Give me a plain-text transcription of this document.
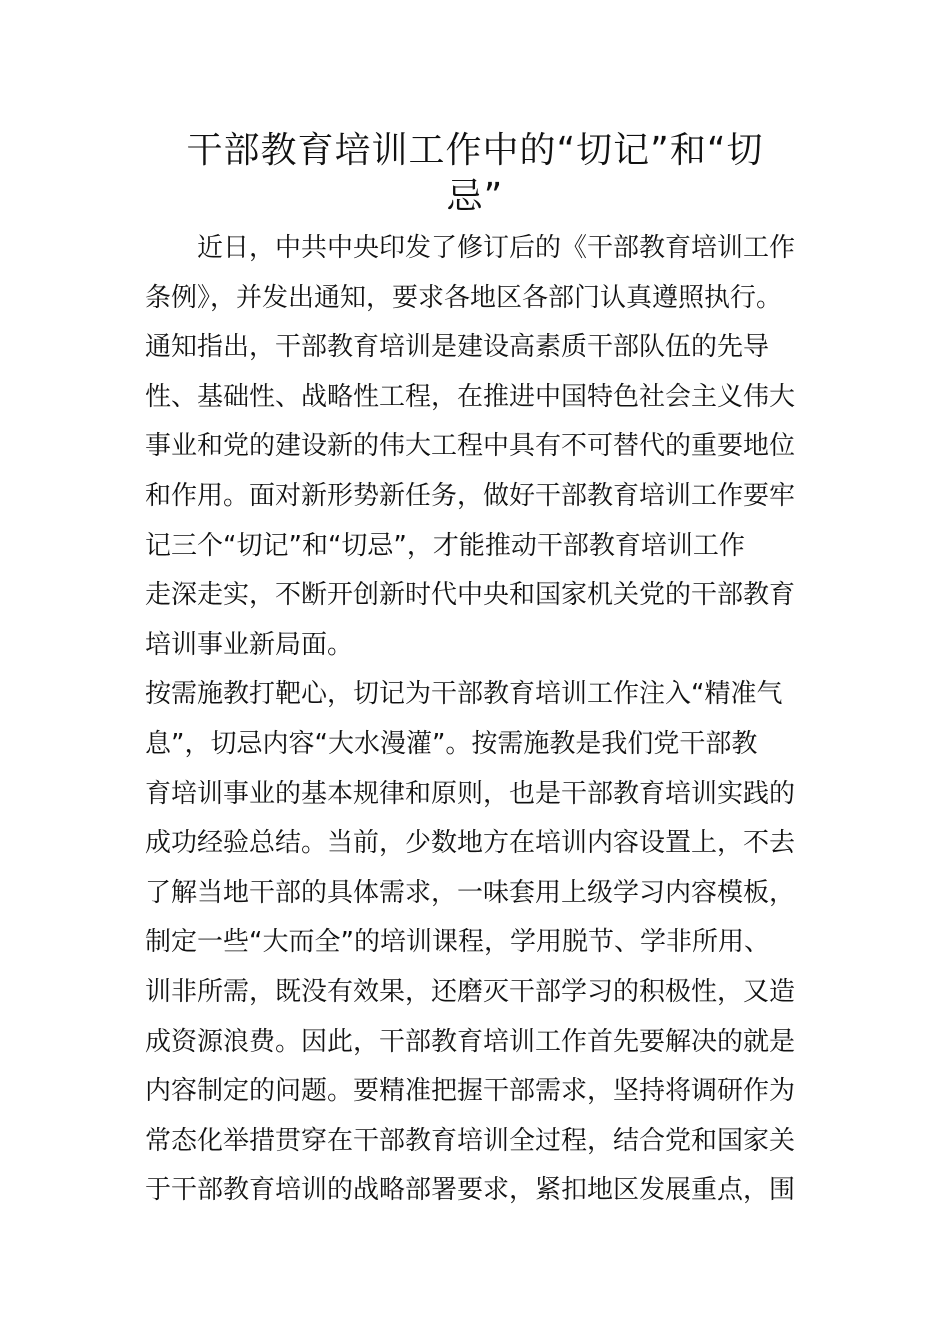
干部教育培训工作中的“切记”和“切
忌”
　　近日，中共中央印发了修订后的《干部教育培训工作
条例》，并发出通知，要求各地区各部门认真遵照执行。
通知指出，干部教育培训是建设高素质干部队伍的先导
性、基础性、战略性工程，在推进中国特色社会主义伟大
事业和党的建设新的伟大工程中具有不可替代的重要地位
和作用。面对新形势新任务，做好干部教育培训工作要牢
记三个“切记”和“切忌”，才能推动干部教育培训工作
走深走实，不断开创新时代中央和国家机关党的干部教育
培训事业新局面。
按需施教打靶心，切记为干部教育培训工作注入“精准气
息”，切忌内容“大水漫灌”。按需施教是我们党干部教
育培训事业的基本规律和原则，也是干部教育培训实践的
成功经验总结。当前，少数地方在培训内容设置上，不去
了解当地干部的具体需求，一味套用上级学习内容模板，
制定一些“大而全”的培训课程，学用脱节、学非所用、
训非所需，既没有效果，还磨灭干部学习的积极性，又造
成资源浪费。因此，干部教育培训工作首先要解决的就是
内容制定的问题。要精准把握干部需求，坚持将调研作为
常态化举措贯穿在干部教育培训全过程，结合党和国家关
于干部教育培训的战略部署要求，紧扣地区发展重点，围
